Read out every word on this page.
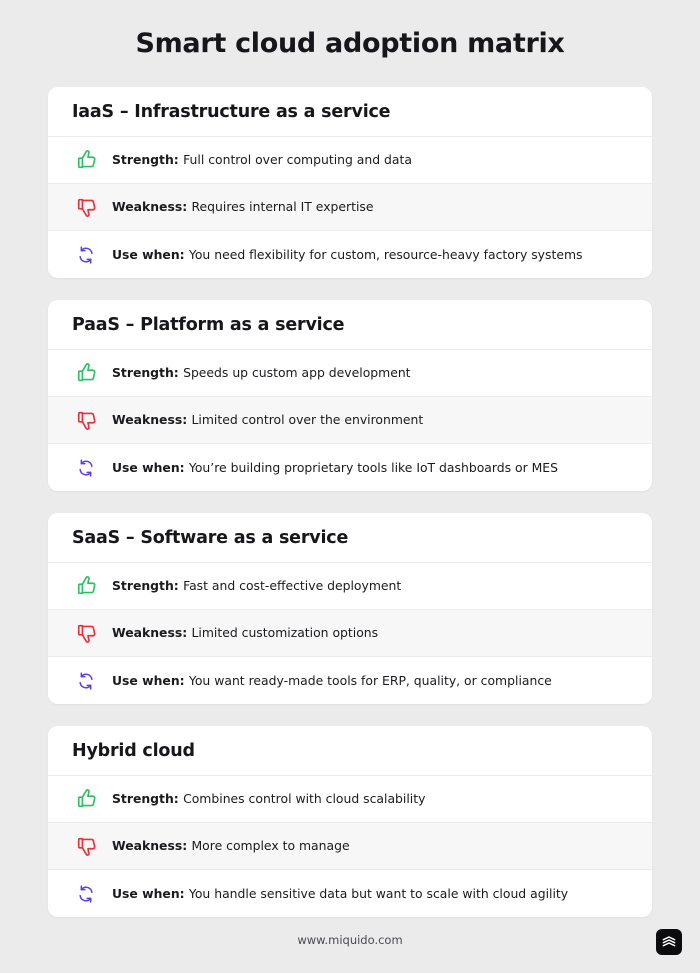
Smart cloud adoption matrix
IaaS – Infrastructure as a service
Strength: Full control over computing and data
Weakness: Requires internal IT expertise
Use when: You need flexibility for custom, resource-heavy factory systems
PaaS – Platform as a service
Strength: Speeds up custom app development
Weakness: Limited control over the environment
Use when: You’re building proprietary tools like IoT dashboards or MES
SaaS – Software as a service
Strength: Fast and cost-effective deployment
Weakness: Limited customization options
Use when: You want ready-made tools for ERP, quality, or compliance
Hybrid cloud
Strength: Combines control with cloud scalability
Weakness: More complex to manage
Use when: You handle sensitive data but want to scale with cloud agility
www.miquido.com
